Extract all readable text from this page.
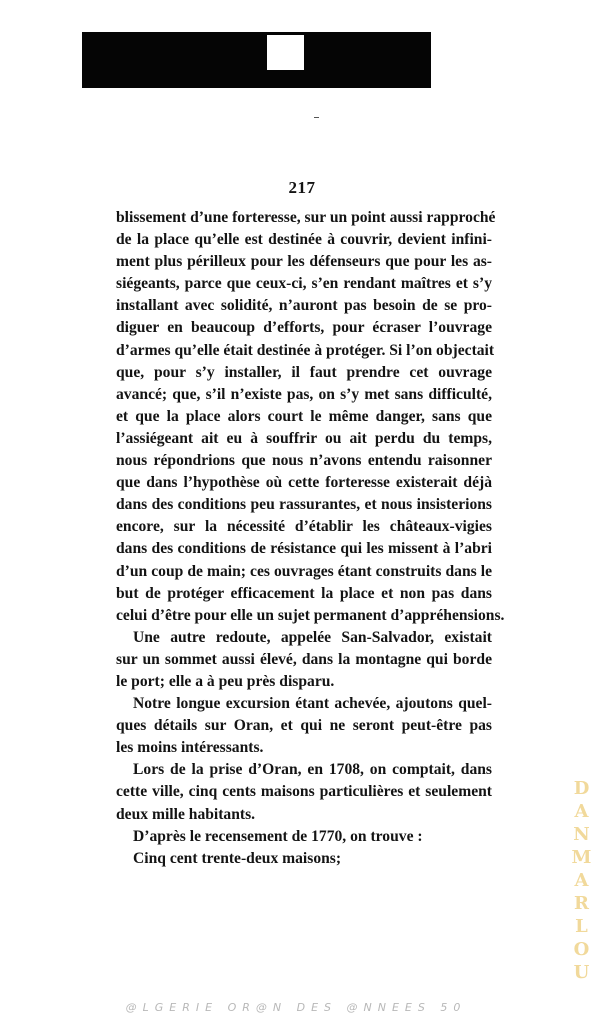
217
blissement d’une forteresse, sur un point aussi rapproché
de la place qu’elle est destinée à couvrir, devient infini-
ment plus périlleux pour les défenseurs que pour les as-
siégeants, parce que ceux-ci, s’en rendant maîtres et s’y
installant avec solidité, n’auront pas besoin de se pro-
diguer en beaucoup d’efforts, pour écraser l’ouvrage
d’armes qu’elle était destinée à protéger. Si l’on objectait
que, pour s’y installer, il faut prendre cet ouvrage
avancé; que, s’il n’existe pas, on s’y met sans difficulté,
et que la place alors court le même danger, sans que
l’assiégeant ait eu à souffrir ou ait perdu du temps,
nous répondrions que nous n’avons entendu raisonner
que dans l’hypothèse où cette forteresse existerait déjà
dans des conditions peu rassurantes, et nous insisterions
encore, sur la nécessité d’établir les châteaux-vigies
dans des conditions de résistance qui les missent à l’abri
d’un coup de main; ces ouvrages étant construits dans le
but de protéger efficacement la place et non pas dans
celui d’être pour elle un sujet permanent d’appréhensions.
Une autre redoute, appelée San-Salvador, existait
sur un sommet aussi élevé, dans la montagne qui borde
le port; elle a à peu près disparu.
Notre longue excursion étant achevée, ajoutons quel-
ques détails sur Oran, et qui ne seront peut-être pas
les moins intéressants.
Lors de la prise d’Oran, en 1708, on comptait, dans
cette ville, cinq cents maisons particulières et seulement
deux mille habitants.
D’après le recensement de 1770, on trouve :
Cinq cent trente-deux maisons;	DANMARLOU
@LGERIE OR@N DES @NNEES 50
